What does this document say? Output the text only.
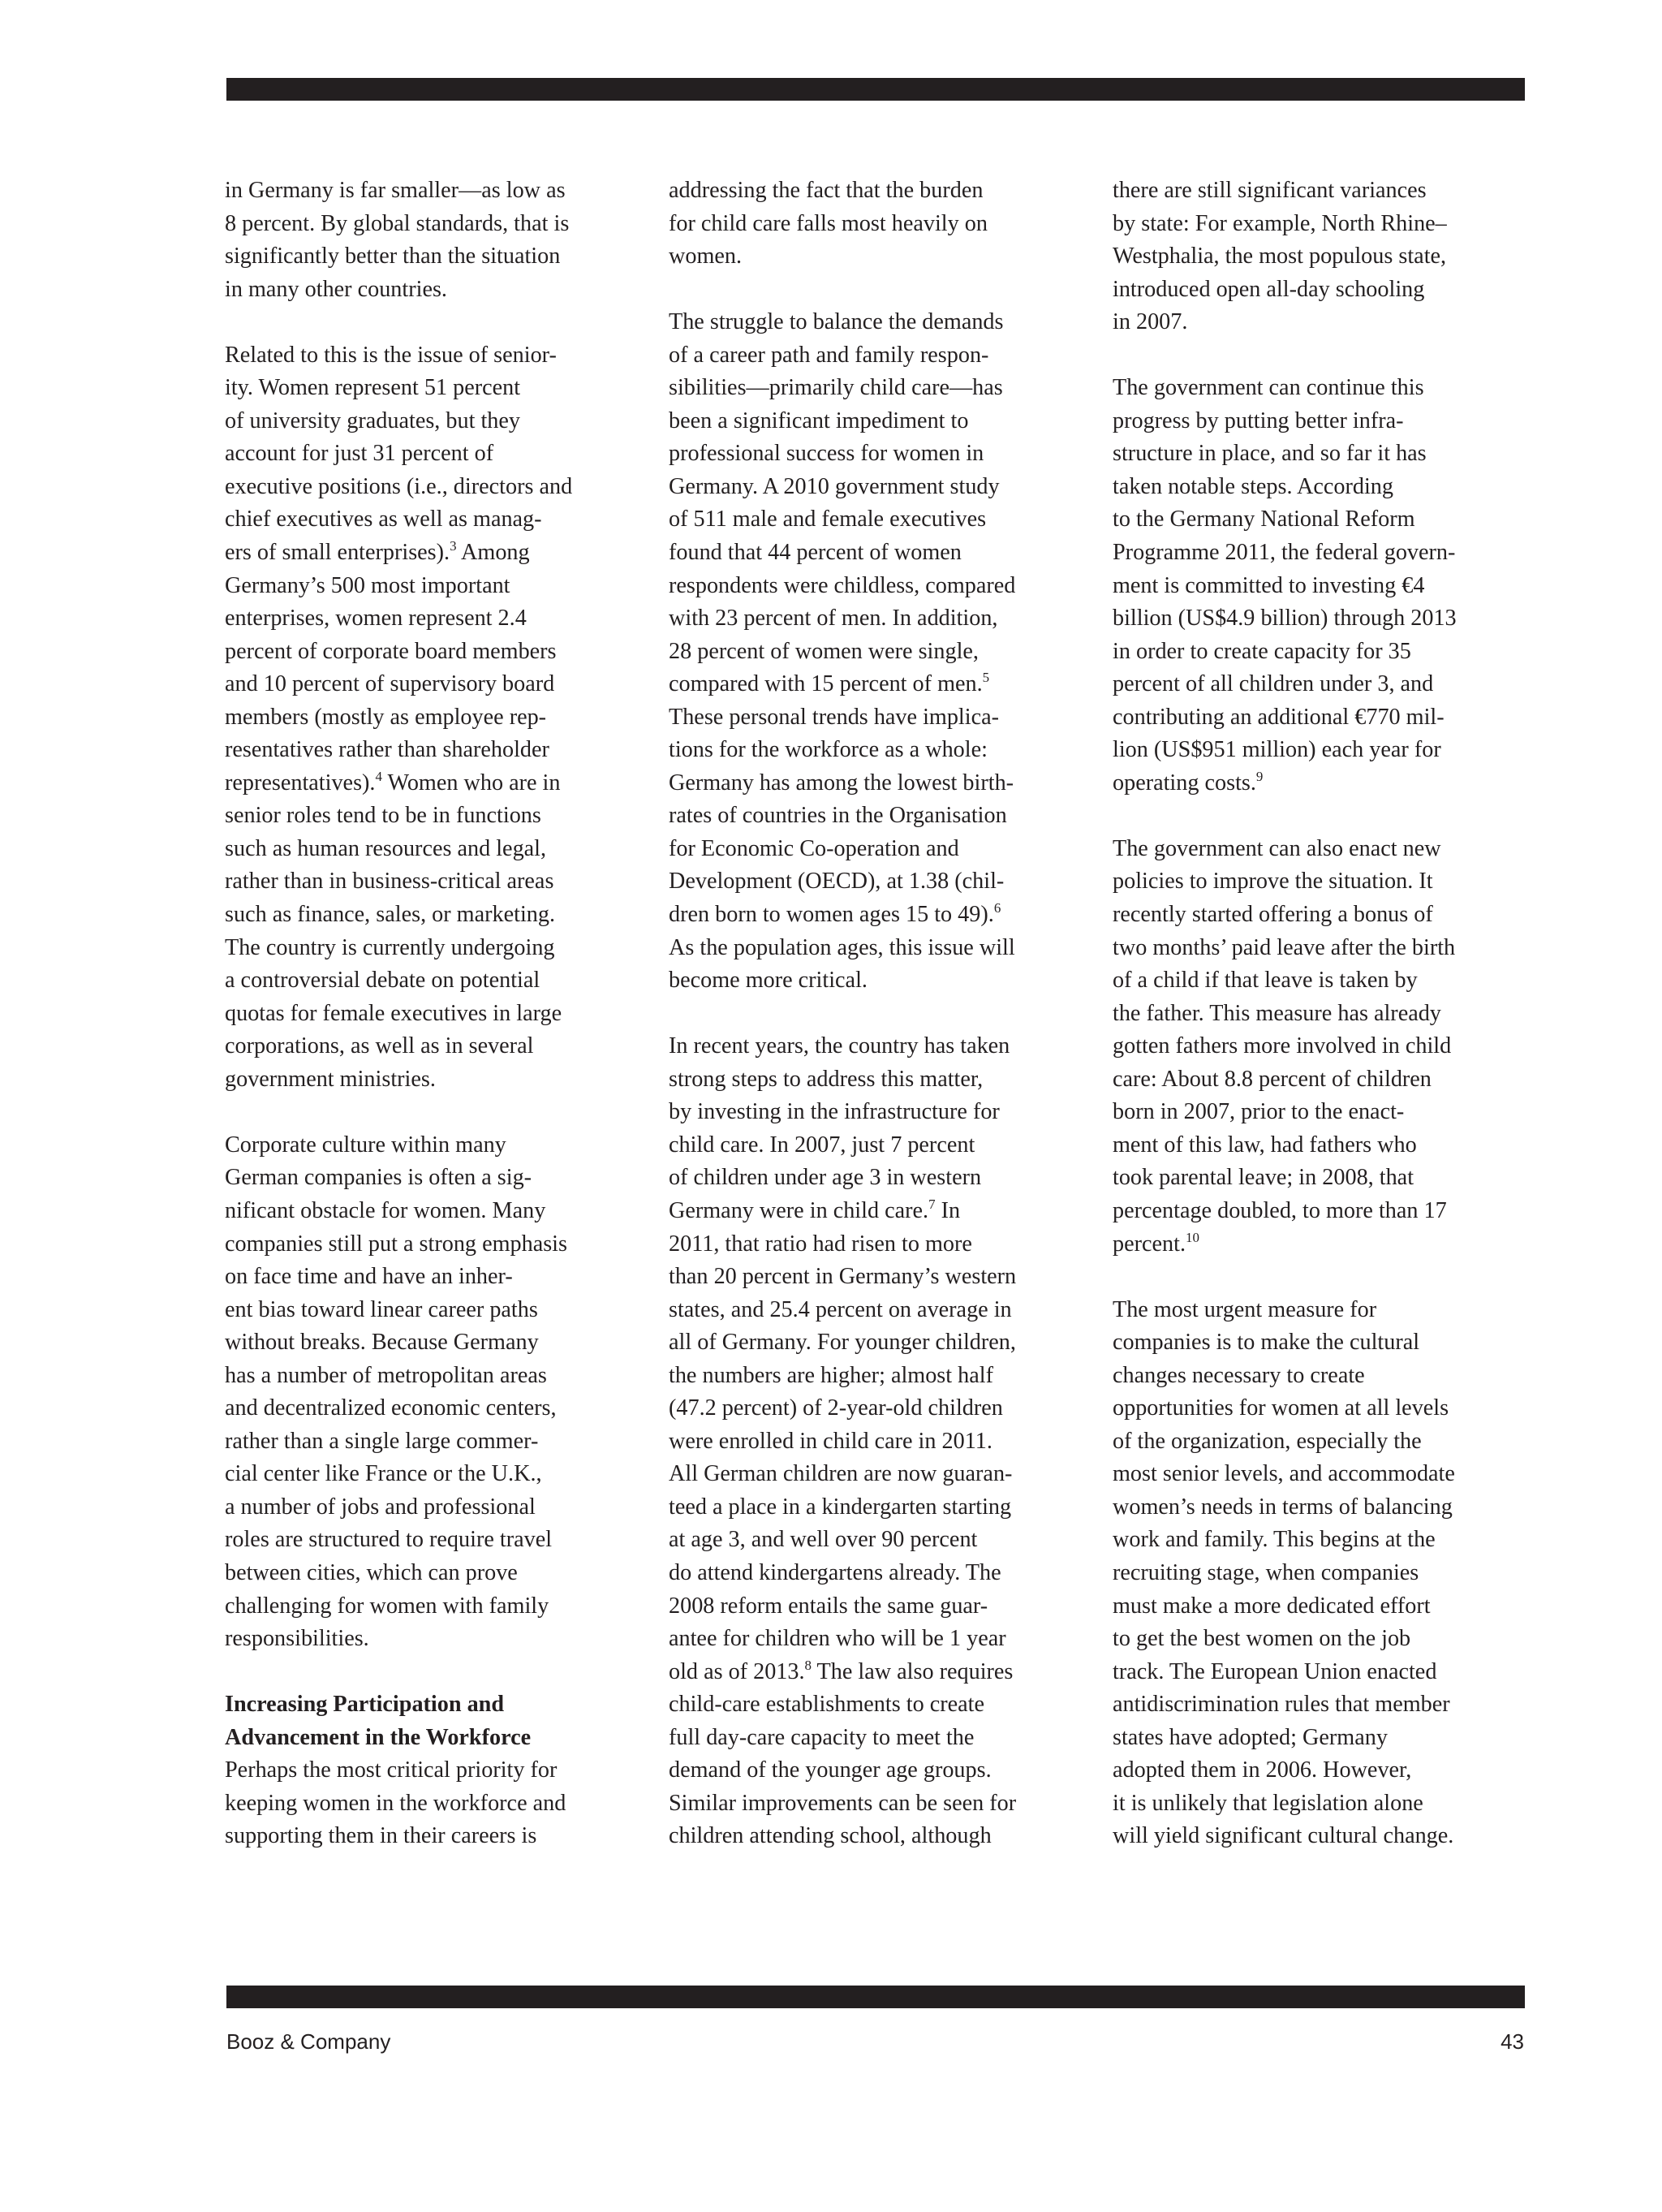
in Germany is far smaller—as low as
8 percent. By global standards, that is
significantly better than the situation
in many other countries.

Related to this is the issue of senior-
ity. Women represent 51 percent
of university graduates, but they
account for just 31 percent of
executive positions (i.e., directors and
chief executives as well as manag-
ers of small enterprises).$^3$ Among
Germany’s 500 most important
enterprises, women represent 2.4
percent of corporate board members
and 10 percent of supervisory board
members (mostly as employee rep-
resentatives rather than shareholder
representatives).$^4$ Women who are in
senior roles tend to be in functions
such as human resources and legal,
rather than in business-critical areas
such as finance, sales, or marketing.
The country is currently undergoing
a controversial debate on potential
quotas for female executives in large
corporations, as well as in several
government ministries.

Corporate culture within many
German companies is often a sig-
nificant obstacle for women. Many
companies still put a strong emphasis
on face time and have an inher-
ent bias toward linear career paths
without breaks. Because Germany
has a number of metropolitan areas
and decentralized economic centers,
rather than a single large commer-
cial center like France or the U.K.,
a number of jobs and professional
roles are structured to require travel
between cities, which can prove
challenging for women with family
responsibilities.

Increasing Participation and
Advancement in the Workforce
Perhaps the most critical priority for
keeping women in the workforce and
supporting them in their careers is

addressing the fact that the burden
for child care falls most heavily on
women.

The struggle to balance the demands
of a career path and family respon-
sibilities—primarily child care—has
been a significant impediment to
professional success for women in
Germany. A 2010 government study
of 511 male and female executives
found that 44 percent of women
respondents were childless, compared
with 23 percent of men. In addition,
28 percent of women were single,
compared with 15 percent of men.$^5$
These personal trends have implica-
tions for the workforce as a whole:
Germany has among the lowest birth-
rates of countries in the Organisation
for Economic Co-operation and
Development (OECD), at 1.38 (chil-
dren born to women ages 15 to 49).$^6$
As the population ages, this issue will
become more critical.

In recent years, the country has taken
strong steps to address this matter,
by investing in the infrastructure for
child care. In 2007, just 7 percent
of children under age 3 in western
Germany were in child care.$^7$ In
2011, that ratio had risen to more
than 20 percent in Germany’s western
states, and 25.4 percent on average in
all of Germany. For younger children,
the numbers are higher; almost half
(47.2 percent) of 2-year-old children
were enrolled in child care in 2011.
All German children are now guaran-
teed a place in a kindergarten starting
at age 3, and well over 90 percent
do attend kindergartens already. The
2008 reform entails the same guar-
antee for children who will be 1 year
old as of 2013.$^8$ The law also requires
child-care establishments to create
full day-care capacity to meet the
demand of the younger age groups.
Similar improvements can be seen for
children attending school, although

there are still significant variances
by state: For example, North Rhine–
Westphalia, the most populous state,
introduced open all-day schooling
in 2007.

The government can continue this
progress by putting better infra-
structure in place, and so far it has
taken notable steps. According
to the Germany National Reform
Programme 2011, the federal govern-
ment is committed to investing €4
billion (US$4.9 billion) through 2013
in order to create capacity for 35
percent of all children under 3, and
contributing an additional €770 mil-
lion (US$951 million) each year for
operating costs.$^9$

The government can also enact new
policies to improve the situation. It
recently started offering a bonus of
two months’ paid leave after the birth
of a child if that leave is taken by
the father. This measure has already
gotten fathers more involved in child
care: About 8.8 percent of children
born in 2007, prior to the enact-
ment of this law, had fathers who
took parental leave; in 2008, that
percentage doubled, to more than 17
percent.$^{10}$

The most urgent measure for
companies is to make the cultural
changes necessary to create
opportunities for women at all levels
of the organization, especially the
most senior levels, and accommodate
women’s needs in terms of balancing
work and family. This begins at the
recruiting stage, when companies
must make a more dedicated effort
to get the best women on the job
track. The European Union enacted
antidiscrimination rules that member
states have adopted; Germany
adopted them in 2006. However,
it is unlikely that legislation alone
will yield significant cultural change.

Booz & Company	43
